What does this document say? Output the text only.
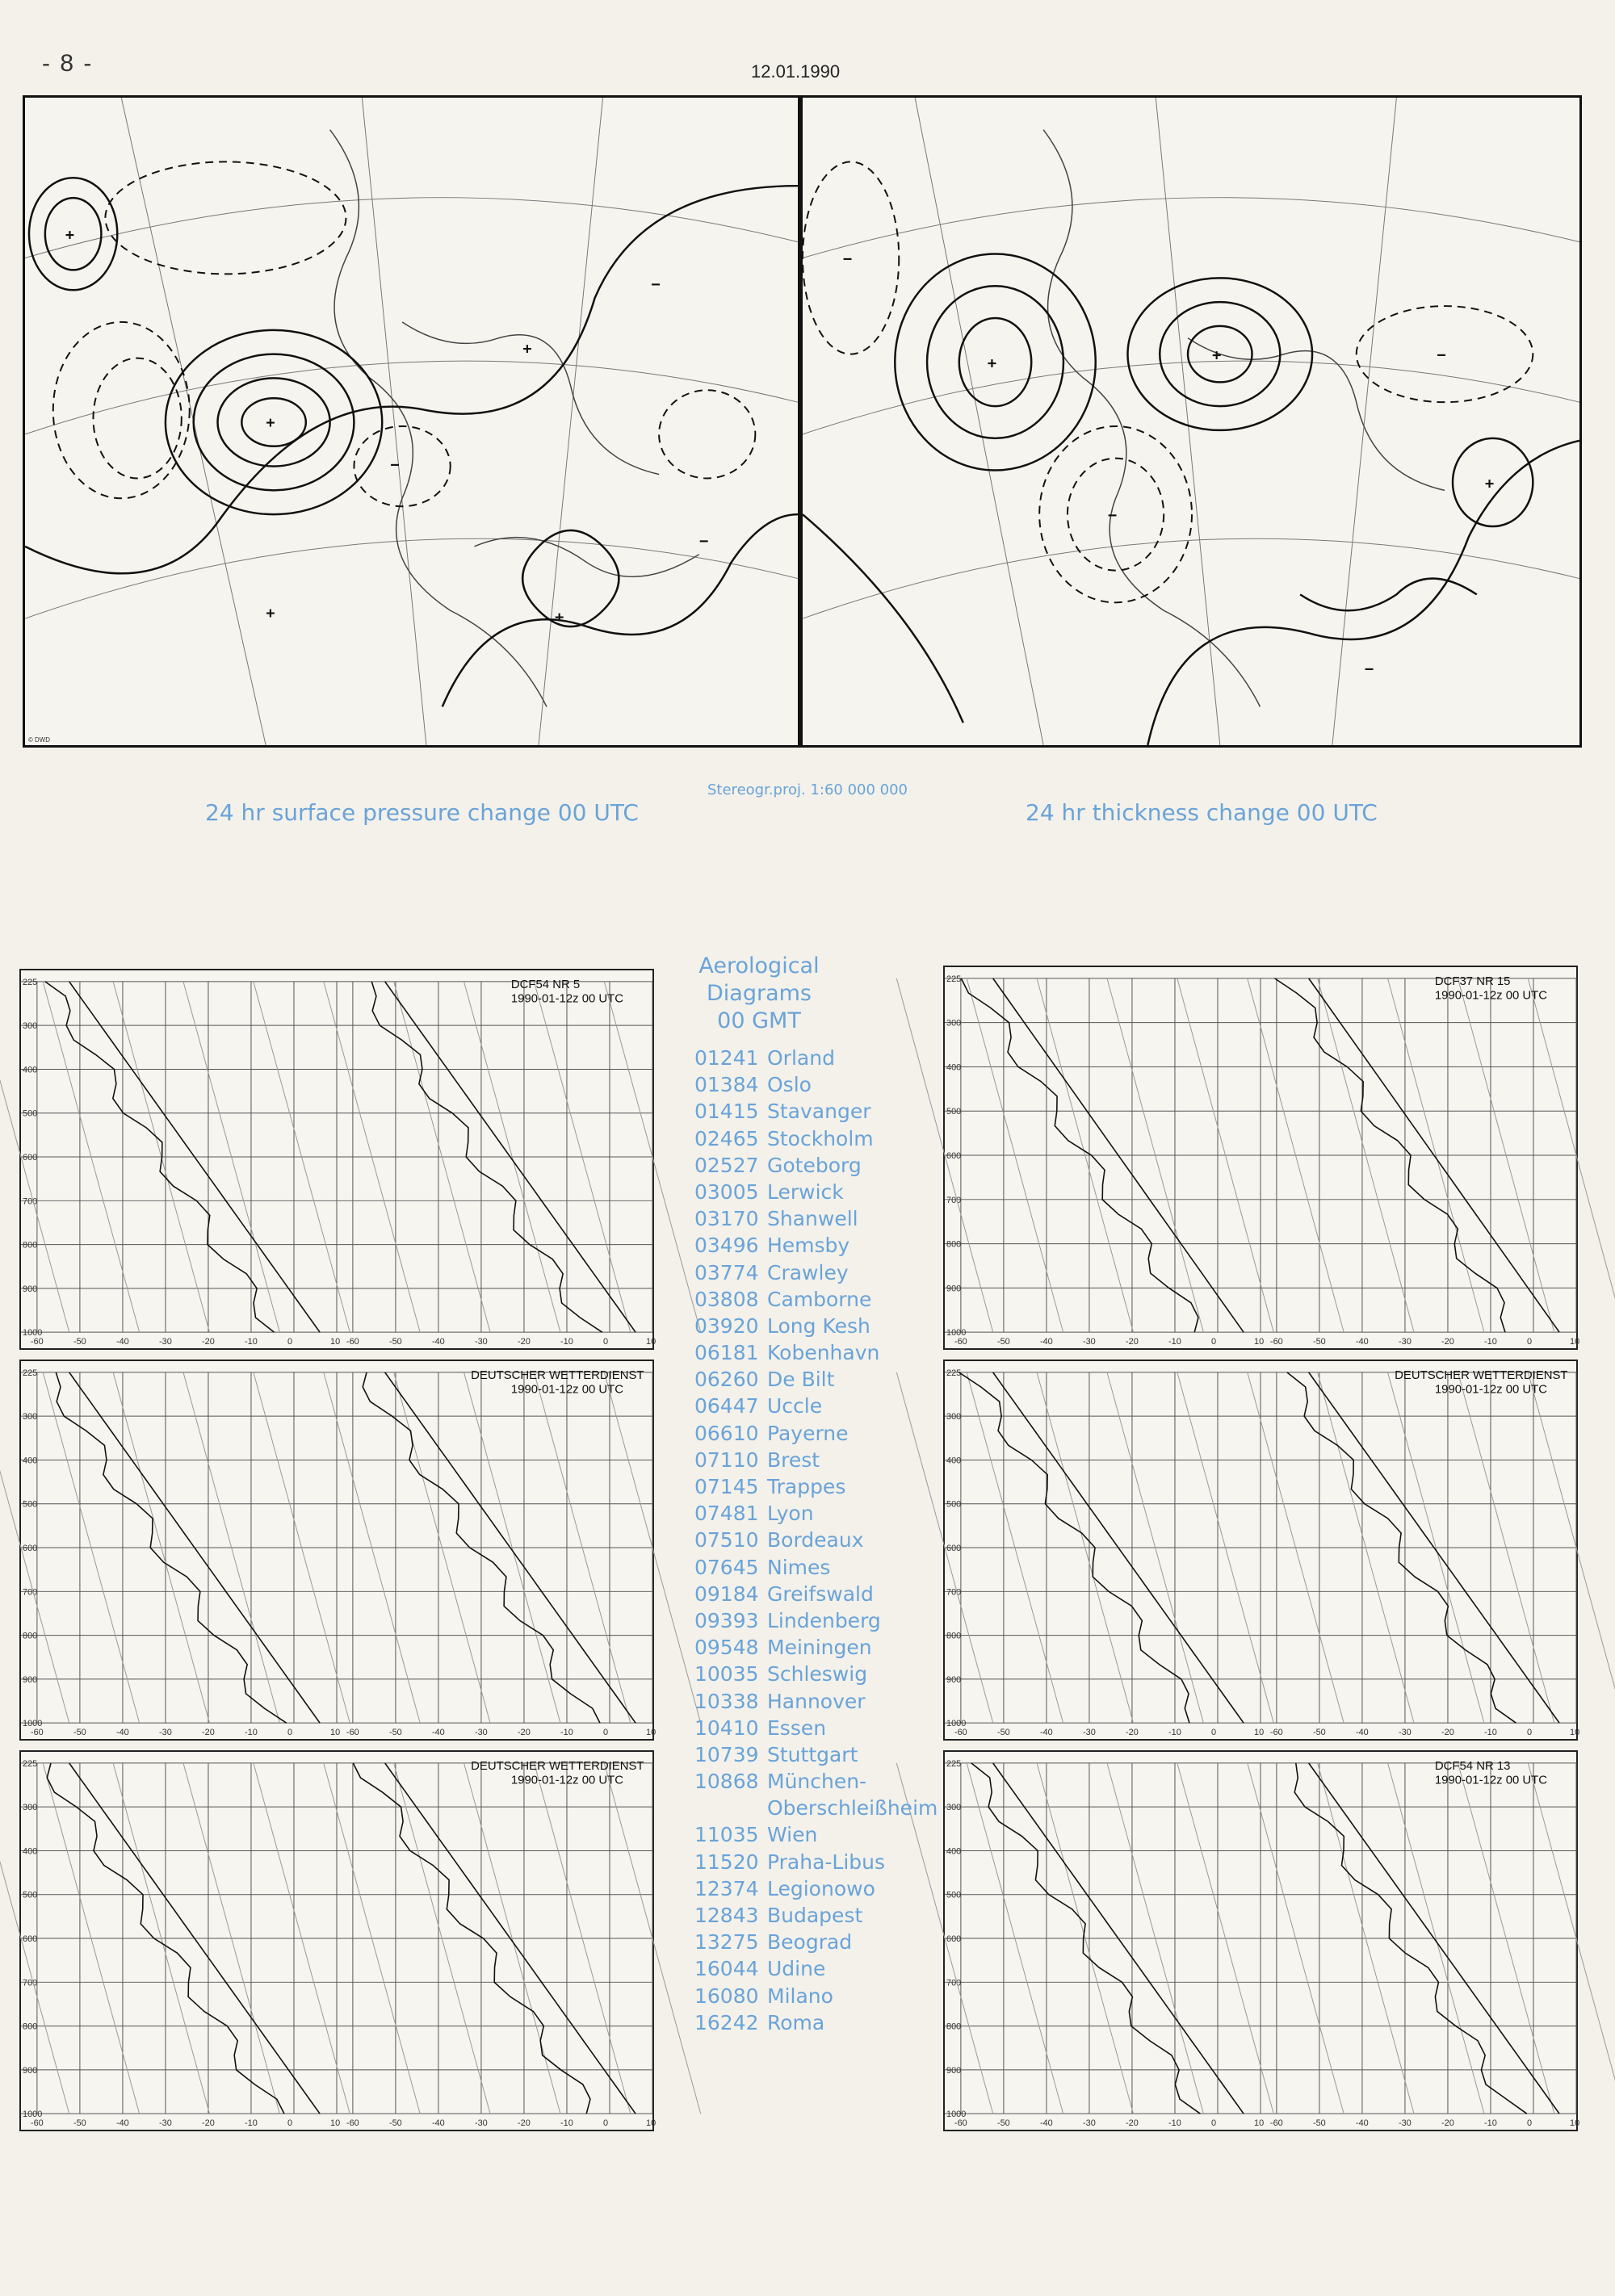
- 8 -	12.01.1990
+
+
+
+
+
−
−
−
© DWD
+	+
+
−
−
−
−
Stereogr.proj. 1:60 000 000
24 hr surface pressure change 00 UTC	24 hr thickness change 00 UTC
225
300
400
500
600
700
800
900
1000
-60	-60
-50	-50
-40	-40
-30	-30
-20	-20
-10	-10
0	0
10	10
DCF54 NR 5
1990-01-12z 00 UTC
225
300
400
500
600
700
800
900
1000
-60	-60
-50	-50
-40	-40
-30	-30
-20	-20
-10	-10
0	0
10	10
DEUTSCHER WETTERDIENST
1990-01-12z 00 UTC
225
300
400
500
600
700
800
900
1000
-60	-60
-50	-50
-40	-40
-30	-30
-20	-20
-10	-10
0	0
10	10
DEUTSCHER WETTERDIENST
1990-01-12z 00 UTC
225
300
400
500
600
700
800
900
1000
-60	-60
-50	-50
-40	-40
-30	-30
-20	-20
-10	-10
0	0
10	10
DCF37 NR 15
1990-01-12z 00 UTC
225
300
400
500
600
700
800
900
1000
-60	-60
-50	-50
-40	-40
-30	-30
-20	-20
-10	-10
0	0
10	10
DEUTSCHER WETTERDIENST
1990-01-12z 00 UTC
225
300
400
500
600
700
800
900
1000
-60	-60
-50	-50
-40	-40
-30	-30
-20	-20
-10	-10
0	0
10	10
DCF54 NR 13
1990-01-12z 00 UTC
Aerological
Diagrams
00 GMT
01241 Orland
01384 Oslo
01415 Stavanger
02465 Stockholm
02527 Goteborg
03005 Lerwick
03170 Shanwell
03496 Hemsby
03774 Crawley
03808 Camborne
03920 Long Kesh
06181 Kobenhavn
06260 De Bilt
06447 Uccle
06610 Payerne
07110 Brest
07145 Trappes
07481 Lyon
07510 Bordeaux
07645 Nimes
09184 Greifswald
09393 Lindenberg
09548 Meiningen
10035 Schleswig
10338 Hannover
10410 Essen
10739 Stuttgart
10868 München-
Oberschleißheim
11035 Wien
11520 Praha-Libus
12374 Legionowo
12843 Budapest
13275 Beograd
16044 Udine
16080 Milano
16242 Roma
